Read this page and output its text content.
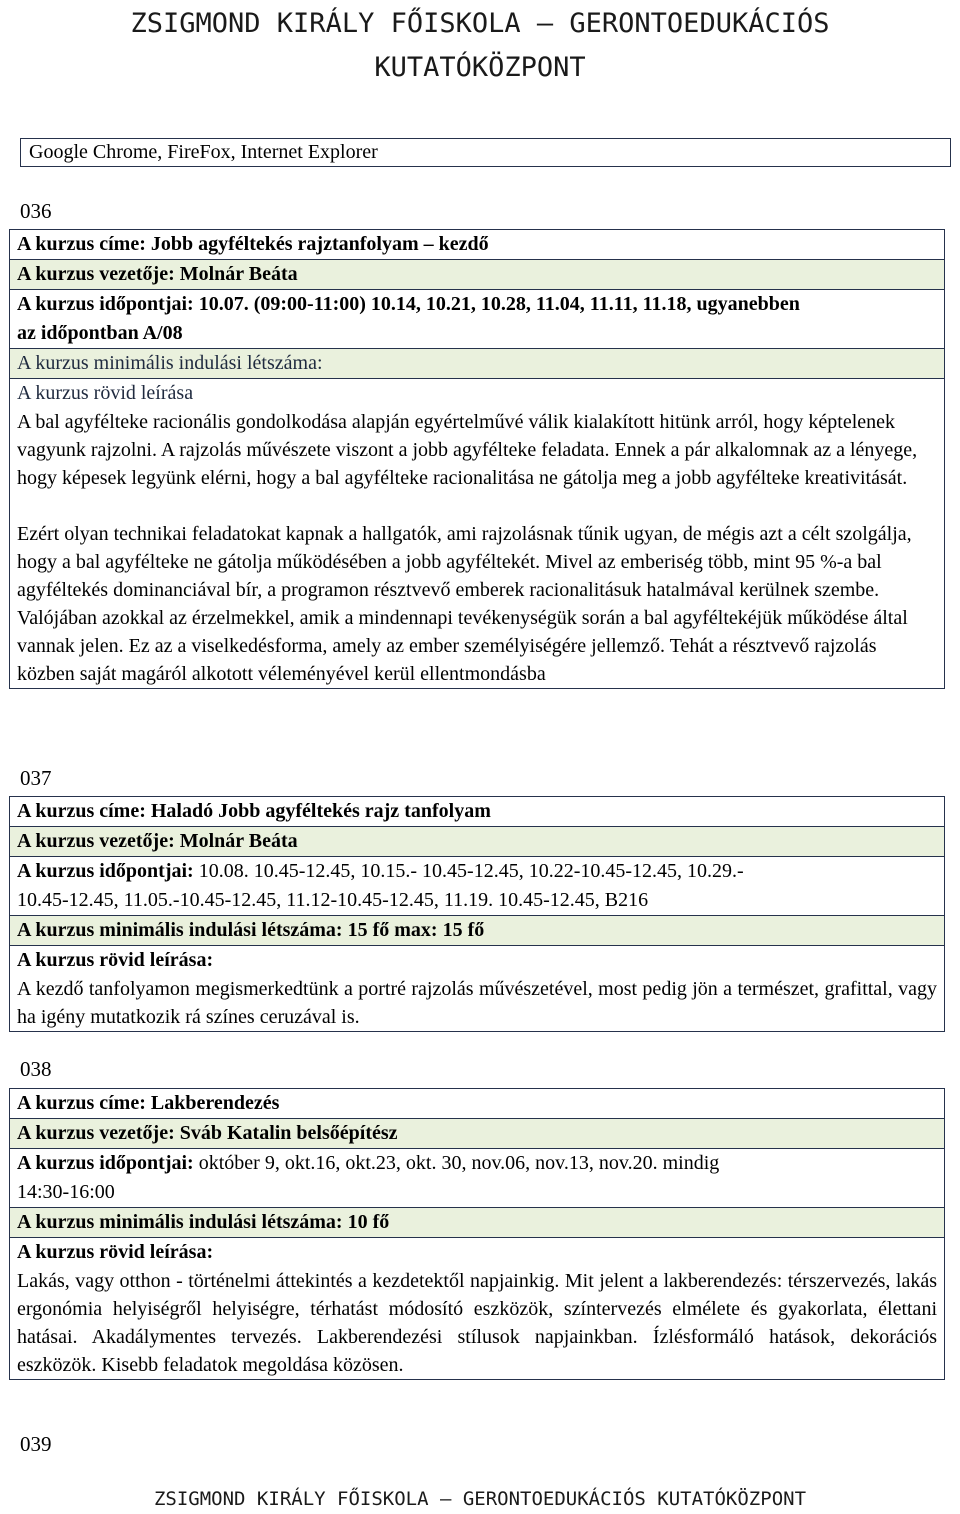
ZSIGMOND KIRÁLY FŐISKOLA – GERONTOEDUKÁCIÓS
KUTATÓKÖZPONT
Google Chrome, FireFox, Internet Explorer
036
A kurzus címe: Jobb agyféltekés rajztanfolyam – kezdő
A kurzus vezetője: Molnár Beáta
A kurzus időpontjai: 10.07. (09:00-11:00) 10.14, 10.21, 10.28, 11.04, 11.11, 11.18, ugyanebben
az időpontban A/08
A kurzus minimális indulási létszáma:
A kurzus rövid leírása
A bal agyfélteke racionális gondolkodása alapján egyértelművé válik kialakított hitünk arról, hogy képtelenek vagyunk rajzolni. A rajzolás művészete viszont a jobb agyfélteke feladata. Ennek a pár alkalomnak az a lényege, hogy képesek legyünk elérni, hogy a bal agyfélteke racionalitása ne gátolja meg a jobb agyfélteke kreativitását.
Ezért olyan technikai feladatokat kapnak a hallgatók, ami rajzolásnak tűnik ugyan, de mégis azt a célt szolgálja, hogy a bal agyfélteke ne gátolja működésében a jobb agyféltekét. Mivel az emberiség több, mint 95 %-a bal agyféltekés dominanciával bír, a programon résztvevő emberek racionalitásuk hatalmával kerülnek szembe. Valójában azokkal az érzelmekkel, amik a mindennapi tevékenységük során a bal agyféltekéjük működése által vannak jelen. Ez az a viselkedésforma, amely az ember személyiségére jellemző. Tehát a résztvevő rajzolás közben saját magáról alkotott véleményével kerül ellentmondásba
037
A kurzus címe: Haladó Jobb agyféltekés rajz tanfolyam
A kurzus vezetője: Molnár Beáta
A kurzus időpontjai: 10.08. 10.45-12.45, 10.15.- 10.45-12.45, 10.22-10.45-12.45, 10.29.-
10.45-12.45, 11.05.-10.45-12.45, 11.12-10.45-12.45, 11.19. 10.45-12.45, B216
A kurzus minimális indulási létszáma: 15 fő max: 15 fő
A kurzus rövid leírása:
A kezdő tanfolyamon megismerkedtünk a portré rajzolás művészetével, most pedig jön a természet, grafittal, vagy ha igény mutatkozik rá színes ceruzával is.
038
A kurzus címe: Lakberendezés
A kurzus vezetője: Sváb Katalin belsőépítész
A kurzus időpontjai: október 9, okt.16, okt.23, okt. 30, nov.06, nov.13, nov.20. mindig
14:30-16:00
A kurzus minimális indulási létszáma: 10 fő
A kurzus rövid leírása:
Lakás, vagy otthon - történelmi áttekintés a kezdetektől napjainkig. Mit jelent a lakberendezés: térszervezés, lakás ergonómia helyiségről helyiségre, térhatást módosító eszközök, színtervezés elmélete és gyakorlata, élettani hatásai. Akadálymentes tervezés. Lakberendezési stílusok napjainkban. Ízlésformáló hatások, dekorációs eszközök. Kisebb feladatok megoldása közösen.
039
ZSIGMOND KIRÁLY FŐISKOLA – GERONTOEDUKÁCIÓS KUTATÓKÖZPONT
